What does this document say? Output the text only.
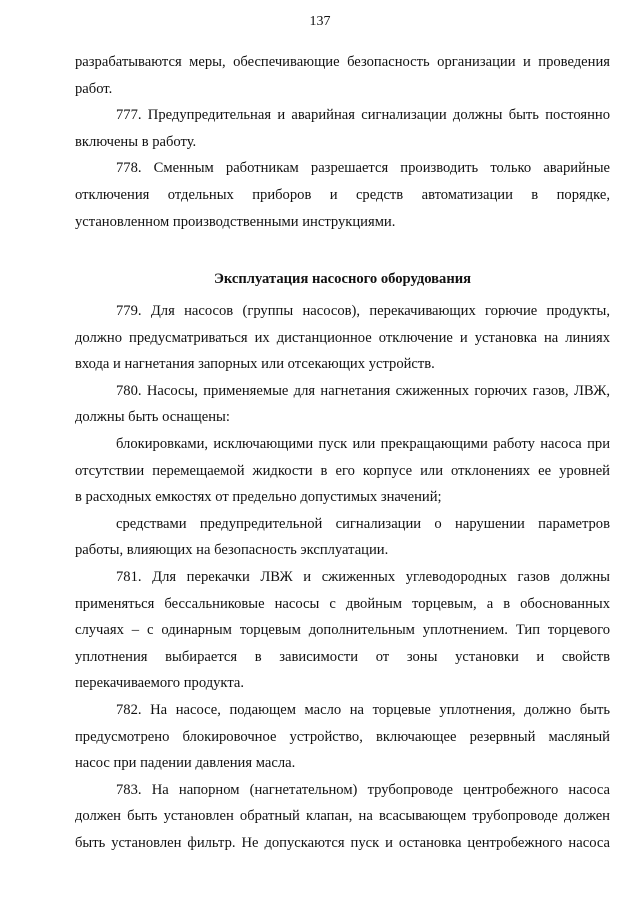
137
разрабатываются меры, обеспечивающие безопасность организации и проведения
работ.
777. Предупредительная и аварийная сигнализации должны быть постоянно
включены в работу.
778. Сменным работникам разрешается производить только аварийные
отключения отдельных приборов и средств автоматизации в порядке,
установленном производственными инструкциями.
Эксплуатация насосного оборудования
779. Для насосов (группы насосов), перекачивающих горючие продукты,
должно предусматриваться их дистанционное отключение и установка на линиях
входа и нагнетания запорных или отсекающих устройств.
780. Насосы, применяемые для нагнетания сжиженных горючих газов, ЛВЖ,
должны быть оснащены:
блокировками, исключающими пуск или прекращающими работу насоса при
отсутствии перемещаемой жидкости в его корпусе или отклонениях ее уровней
в расходных емкостях от предельно допустимых значений;
средствами предупредительной сигнализации о нарушении параметров
работы, влияющих на безопасность эксплуатации.
781. Для перекачки ЛВЖ и сжиженных углеводородных газов должны
применяться бессальниковые насосы с двойным торцевым, а в обоснованных
случаях – с одинарным торцевым дополнительным уплотнением. Тип торцевого
уплотнения выбирается в зависимости от зоны установки и свойств
перекачиваемого продукта.
782. На насосе, подающем масло на торцевые уплотнения, должно быть
предусмотрено блокировочное устройство, включающее резервный масляный
насос при падении давления масла.
783. На напорном (нагнетательном) трубопроводе центробежного насоса
должен быть установлен обратный клапан, на всасывающем трубопроводе должен
быть установлен фильтр. Не допускаются пуск и остановка центробежного насоса
